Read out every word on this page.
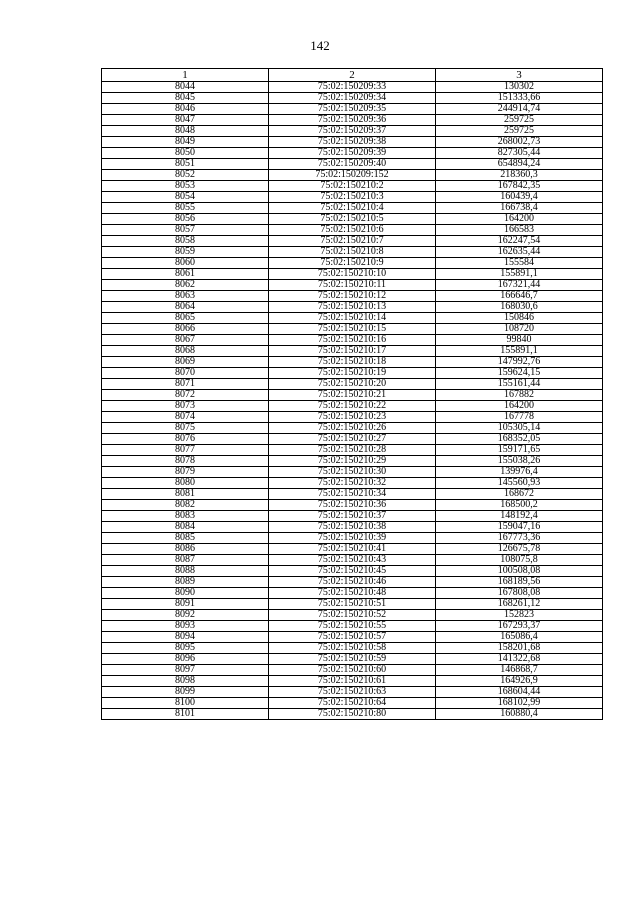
142
1	2	3
8044	75:02:150209:33	130302
8045	75:02:150209:34	151333,66
8046	75:02:150209:35	244914,74
8047	75:02:150209:36	259725
8048	75:02:150209:37	259725
8049	75:02:150209:38	268002,73
8050	75:02:150209:39	827305,44
8051	75:02:150209:40	654894,24
8052	75:02:150209:152	218360,3
8053	75:02:150210:2	167842,35
8054	75:02:150210:3	160439,4
8055	75:02:150210:4	166738,4
8056	75:02:150210:5	164200
8057	75:02:150210:6	166583
8058	75:02:150210:7	162247,54
8059	75:02:150210:8	162635,44
8060	75:02:150210:9	155584
8061	75:02:150210:10	155891,1
8062	75:02:150210:11	167321,44
8063	75:02:150210:12	166646,7
8064	75:02:150210:13	168030,6
8065	75:02:150210:14	150846
8066	75:02:150210:15	108720
8067	75:02:150210:16	99840
8068	75:02:150210:17	155891,1
8069	75:02:150210:18	147992,76
8070	75:02:150210:19	159624,15
8071	75:02:150210:20	155161,44
8072	75:02:150210:21	167882
8073	75:02:150210:22	164200
8074	75:02:150210:23	167778
8075	75:02:150210:26	105305,14
8076	75:02:150210:27	168352,05
8077	75:02:150210:28	159171,65
8078	75:02:150210:29	155038,26
8079	75:02:150210:30	139976,4
8080	75:02:150210:32	145560,93
8081	75:02:150210:34	168672
8082	75:02:150210:36	168500,2
8083	75:02:150210:37	148192,4
8084	75:02:150210:38	159047,16
8085	75:02:150210:39	167773,36
8086	75:02:150210:41	126675,78
8087	75:02:150210:43	108075,8
8088	75:02:150210:45	100508,08
8089	75:02:150210:46	168189,56
8090	75:02:150210:48	167808,08
8091	75:02:150210:51	168261,12
8092	75:02:150210:52	152823
8093	75:02:150210:55	167293,37
8094	75:02:150210:57	165086,4
8095	75:02:150210:58	158201,68
8096	75:02:150210:59	141322,68
8097	75:02:150210:60	146868,7
8098	75:02:150210:61	164926,9
8099	75:02:150210:63	168604,44
8100	75:02:150210:64	168102,99
8101	75:02:150210:80	160880,4
